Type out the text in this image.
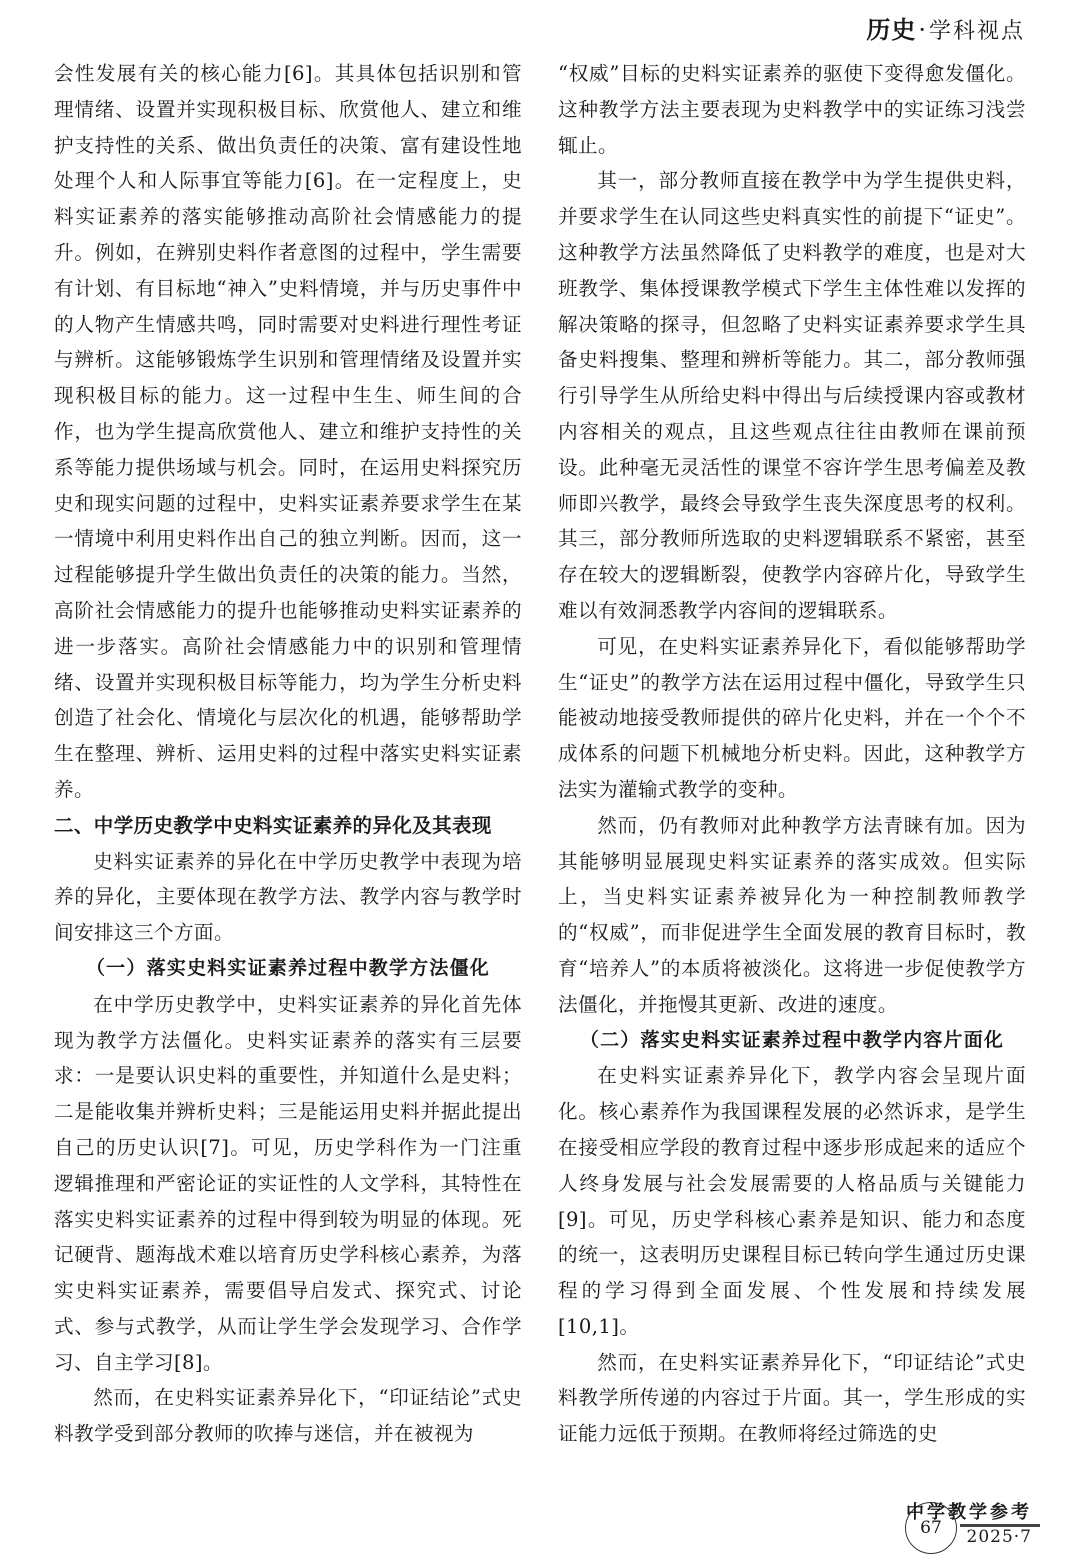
历史·学科视点

会性发展有关的核心能力[6]。其具体包括识别和管理情绪、设置并实现积极目标、欣赏他人、建立和维护支持性的关系、做出负责任的决策、富有建设性地处理个人和人际事宜等能力[6]。在一定程度上，史料实证素养的落实能够推动高阶社会情感能力的提升。例如，在辨别史料作者意图的过程中，学生需要有计划、有目标地“神入”史料情境，并与历史事件中的人物产生情感共鸣，同时需要对史料进行理性考证与辨析。这能够锻炼学生识别和管理情绪及设置并实现积极目标的能力。这一过程中生生、师生间的合作，也为学生提高欣赏他人、建立和维护支持性的关系等能力提供场域与机会。同时，在运用史料探究历史和现实问题的过程中，史料实证素养要求学生在某一情境中利用史料作出自己的独立判断。因而，这一过程能够提升学生做出负责任的决策的能力。当然，高阶社会情感能力的提升也能够推动史料实证素养的进一步落实。高阶社会情感能力中的识别和管理情绪、设置并实现积极目标等能力，均为学生分析史料创造了社会化、情境化与层次化的机遇，能够帮助学生在整理、辨析、运用史料的过程中落实史料实证素养。

二、中学历史教学中史料实证素养的异化及其表现

史料实证素养的异化在中学历史教学中表现为培养的异化，主要体现在教学方法、教学内容与教学时间安排这三个方面。

（一）落实史料实证素养过程中教学方法僵化

在中学历史教学中，史料实证素养的异化首先体现为教学方法僵化。史料实证素养的落实有三层要求：一是要认识史料的重要性，并知道什么是史料；二是能收集并辨析史料；三是能运用史料并据此提出自己的历史认识[7]。可见，历史学科作为一门注重逻辑推理和严密论证的实证性的人文学科，其特性在落实史料实证素养的过程中得到较为明显的体现。死记硬背、题海战术难以培育历史学科核心素养，为落实史料实证素养，需要倡导启发式、探究式、讨论式、参与式教学，从而让学生学会发现学习、合作学习、自主学习[8]。

然而，在史料实证素养异化下，“印证结论”式史料教学受到部分教师的吹捧与迷信，并在被视为

“权威”目标的史料实证素养的驱使下变得愈发僵化。这种教学方法主要表现为史料教学中的实证练习浅尝辄止。

其一，部分教师直接在教学中为学生提供史料，并要求学生在认同这些史料真实性的前提下“证史”。这种教学方法虽然降低了史料教学的难度，也是对大班教学、集体授课教学模式下学生主体性难以发挥的解决策略的探寻，但忽略了史料实证素养要求学生具备史料搜集、整理和辨析等能力。其二，部分教师强行引导学生从所给史料中得出与后续授课内容或教材内容相关的观点，且这些观点往往由教师在课前预设。此种毫无灵活性的课堂不容许学生思考偏差及教师即兴教学，最终会导致学生丧失深度思考的权利。其三，部分教师所选取的史料逻辑联系不紧密，甚至存在较大的逻辑断裂，使教学内容碎片化，导致学生难以有效洞悉教学内容间的逻辑联系。

可见，在史料实证素养异化下，看似能够帮助学生“证史”的教学方法在运用过程中僵化，导致学生只能被动地接受教师提供的碎片化史料，并在一个个不成体系的问题下机械地分析史料。因此，这种教学方法实为灌输式教学的变种。

然而，仍有教师对此种教学方法青睐有加。因为其能够明显展现史料实证素养的落实成效。但实际上，当史料实证素养被异化为一种控制教师教学的“权威”，而非促进学生全面发展的教育目标时，教育“培养人”的本质将被淡化。这将进一步促使教学方法僵化，并拖慢其更新、改进的速度。

（二）落实史料实证素养过程中教学内容片面化

在史料实证素养异化下，教学内容会呈现片面化。核心素养作为我国课程发展的必然诉求，是学生在接受相应学段的教育过程中逐步形成起来的适应个人终身发展与社会发展需要的人格品质与关键能力[9]。可见，历史学科核心素养是知识、能力和态度的统一，这表明历史课程目标已转向学生通过历史课程的学习得到全面发展、个性发展和持续发展[10,1]。

然而，在史料实证素养异化下，“印证结论”式史料教学所传递的内容过于片面。其一，学生形成的实证能力远低于预期。在教师将经过筛选的史

67
中学教学参考
2025·7
